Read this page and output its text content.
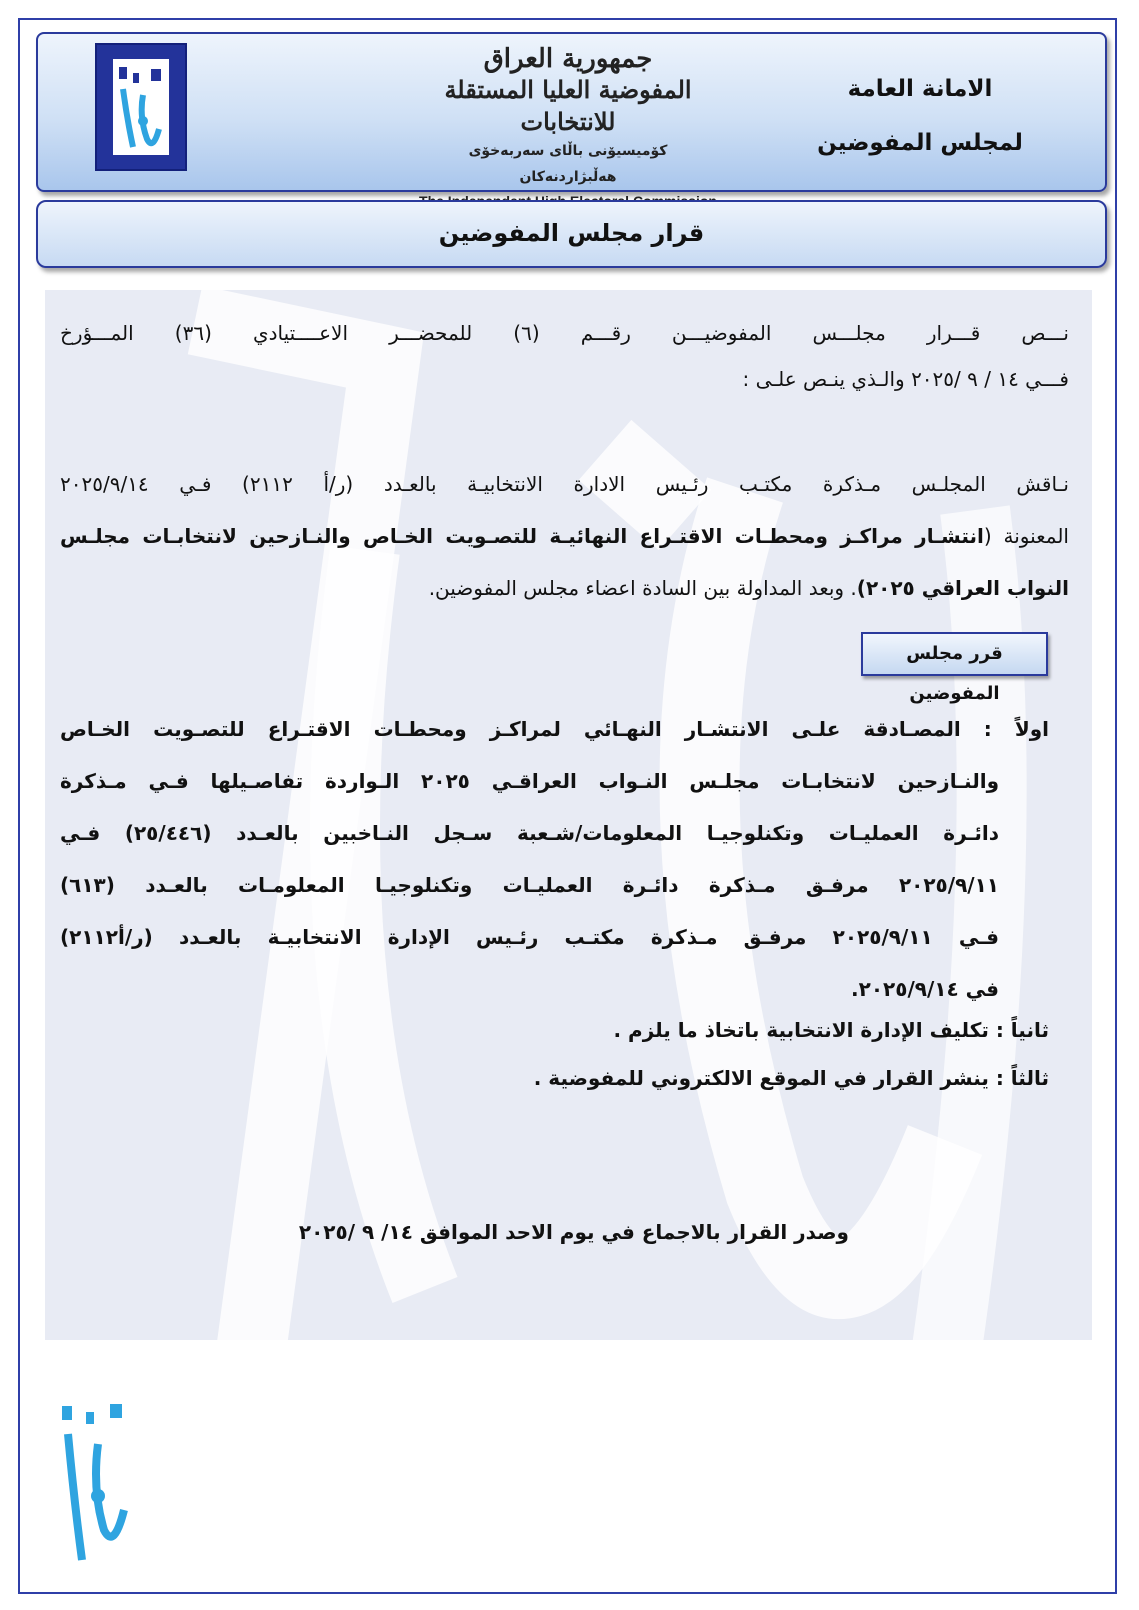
جمهورية العراق
المفوضية العليا المستقلة للانتخابات
كۆمیسیۆنی باڵای سەربەخۆی هەڵبژاردنەکان
الامانة العامة
لمجلس المفوضين
قرار مجلس المفوضين

نـــص قـــرار مجلـــس المفوضيـــن رقـــم (٦) للمحضـــر الاعــــتيادي (٣٦) المـــؤرخ

فـــي ١٤ / ٩ /٢٠٢٥ والـذي ينـص علـى :

نـاقش المجلـس مـذكرة مكتـب رئـيس الادارة الانتخابيـة بالعـدد (ر/أ ٢١١٢) فـي ٢٠٢٥/٩/١٤

المعنونة (انتشـار مراكـز ومحطـات الاقتـراع النهائيـة للتصـويت الخـاص والنـازحين لانتخابـات مجلـس

النواب العراقي ٢٠٢٥). وبعد المداولة بين السادة اعضاء مجلس المفوضين.

قرر مجلس المفوضين

اولاً : المصـادقة علـى الانتشـار النهـائي لمراكـز ومحطـات الاقتـراع للتصـويت الخـاص

والنـازحين لانتخابـات مجلـس النـواب العراقـي ٢٠٢٥ الـواردة تفاصـيلها فـي مـذكرة

دائـرة العمليـات وتكنلوجيـا المعلومات/شـعبة سـجل النـاخبين بالعـدد (٢٥/٤٤٦) فـي

٢٠٢٥/٩/١١ مرفـق مـذكرة دائـرة العمليـات وتكنلوجيـا المعلومـات بالعـدد (٦١٣)

فـي ٢٠٢٥/٩/١١ مرفـق مـذكرة مكتـب رئـيس الإدارة الانتخابيـة بالعـدد (ر/أ٢١١٢)

في ٢٠٢٥/٩/١٤.

ثانياً : تكليف الإدارة الانتخابية باتخاذ ما يلزم .
ثالثاً : ينشر القرار في الموقع الالكتروني للمفوضية .
وصدر القرار بالاجماع في يوم الاحد الموافق ١٤/ ٩ /٢٠٢٥
